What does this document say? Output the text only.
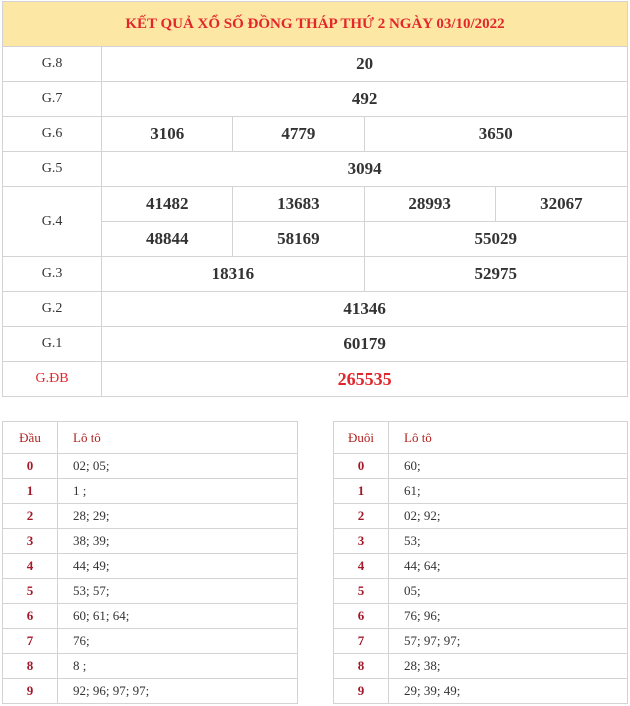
KẾT QUẢ XỔ SỐ ĐỒNG THÁP THỨ 2 NGÀY 03/10/2022				
G.8	20			
G.7	492			
G.6	3106	4779	3650	
G.5	3094			
G.4	41482	13683	28993	32067
	48844	58169	55029	
G.3	18316		52975	
G.2	41346			
G.1	60179			
G.ĐB	265535			
Đầu	Lô tô
0	02; 05;
1	1 ;
2	28; 29;
3	38; 39;
4	44; 49;
5	53; 57;
6	60; 61; 64;
7	76;
8	8 ;
9	92; 96; 97; 97;
Đuôi	Lô tô
0	60;
1	61;
2	02; 92;
3	53;
4	44; 64;
5	05;
6	76; 96;
7	57; 97; 97;
8	28; 38;
9	29; 39; 49;
